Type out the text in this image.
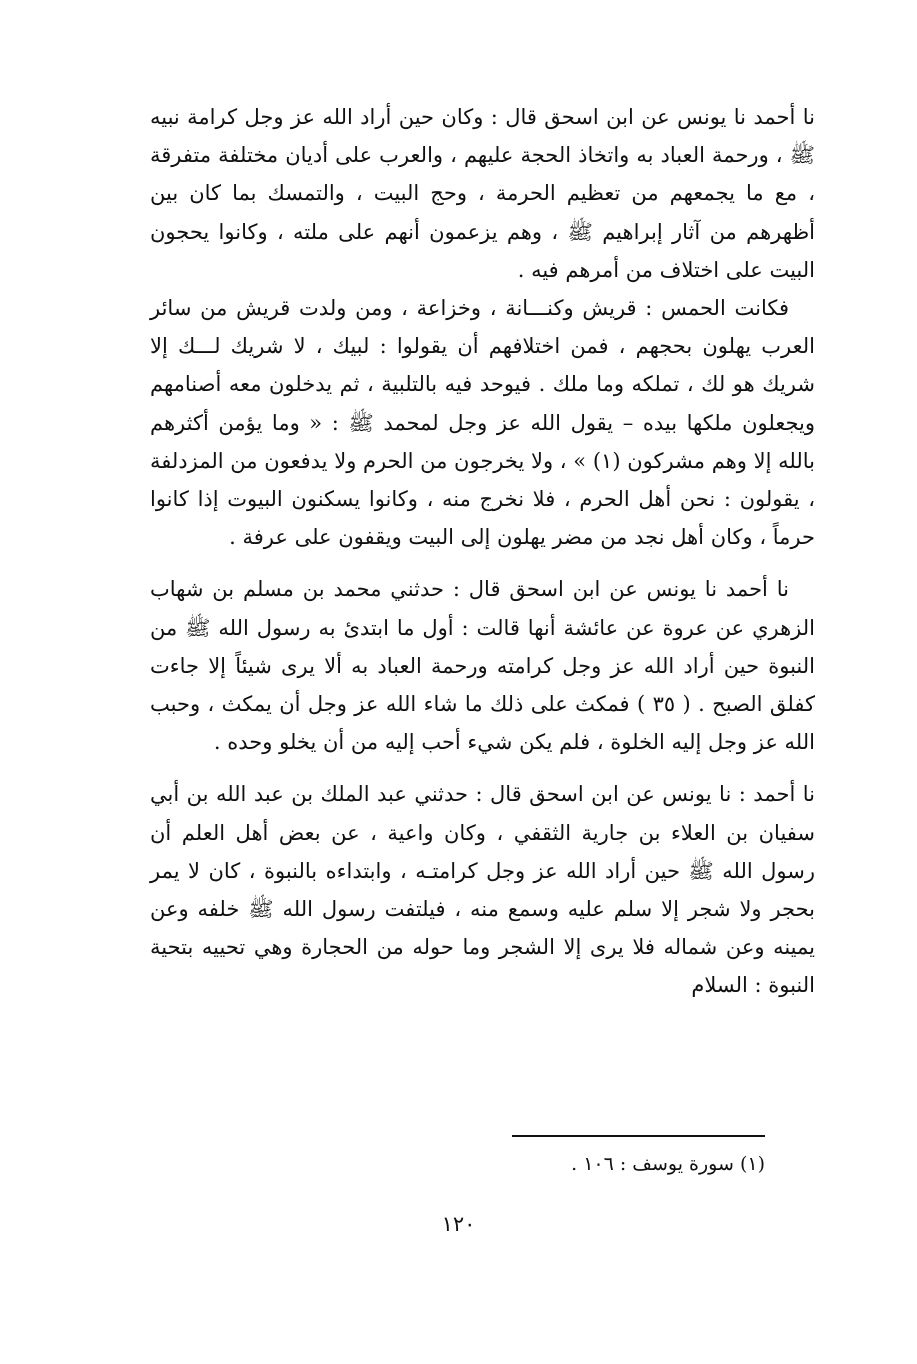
نا أحمد نا يونس عن ابن اسحق قال : وكان حين أراد الله عز وجل كرامة نبيه ﷺ ، ورحمة العباد به واتخاذ الحجة عليهم ، والعرب على أديان مختلفة متفرقة ، مع ما يجمعهم من تعظيم الحرمة ، وحج البيت ، والتمسك بما كان بين أظهرهم من آثار إبراهيم ﷺ ، وهم يزعمون أنهم على ملته ، وكانوا يحجون البيت على اختلاف من أمرهم فيه .

فكانت الحمس : قريش وكنـــانة ، وخزاعة ، ومن ولدت قريش من سائر العرب يهلون بحجهم ، فمن اختلافهم أن يقولوا : لبيك ، لا شريك لـــك إلا شريك هو لك ، تملكه وما ملك . فيوحد فيه بالتلبية ، ثم يدخلون معه أصنامهم ويجعلون ملكها بيده – يقول الله عز وجل لمحمد ﷺ : « وما يؤمن أكثرهم بالله إلا وهم مشركون (١) » ، ولا يخرجون من الحرم ولا يدفعون من المزدلفة ، يقولون : نحن أهل الحرم ، فلا نخرج منه ، وكانوا يسكنون البيوت إذا كانوا حرماً ، وكان أهل نجد من مضر يهلون إلى البيت ويقفون على عرفة .

نا أحمد نا يونس عن ابن اسحق قال : حدثني محمد بن مسلم بن شهاب الزهري عن عروة عن عائشة أنها قالت : أول ما ابتدئ به رسول الله ﷺ من النبوة حين أراد الله عز وجل كرامته ورحمة العباد به ألا يرى شيئاً إلا جاءت كفلق الصبح . ( ٣٥ ) فمكث على ذلك ما شاء الله عز وجل أن يمكث ، وحبب الله عز وجل إليه الخلوة ، فلم يكن شيء أحب إليه من أن يخلو وحده .

نا أحمد : نا يونس عن ابن اسحق قال : حدثني عبد الملك بن عبد الله بن أبي سفيان بن العلاء بن جارية الثقفي ، وكان واعية ، عن بعض أهل العلم أن رسول الله ﷺ حين أراد الله عز وجل كرامتـه ، وابتداءه بالنبوة ، كان لا يمر بحجر ولا شجر إلا سلم عليه وسمع منه ، فيلتفت رسول الله ﷺ خلفه وعن يمينه وعن شماله فلا يرى إلا الشجر وما حوله من الحجارة وهي تحييه بتحية النبوة : السلام

(١) سورة يوسف : ١٠٦ .
١٢٠
